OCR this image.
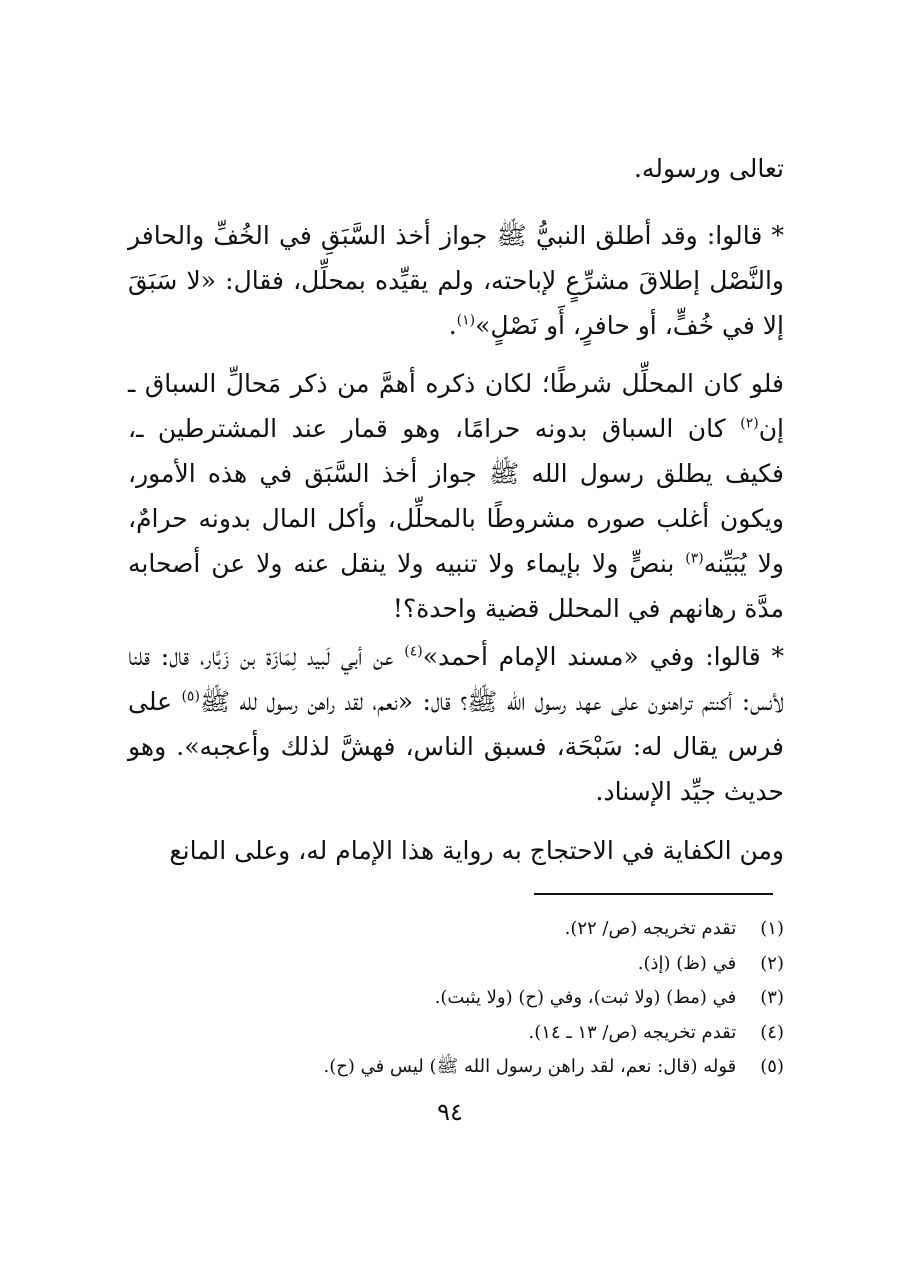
تعالى ورسوله.

* قالوا: وقد أطلق النبيُّ ﷺ جواز أخذ السَّبَقِ في الخُفِّ والحافر والنَّصْل إطلاقَ مشرِّعٍ لإباحته، ولم يقيِّده بمحلِّل، فقال: «لا سَبَقَ إلا في خُفٍّ، أو حافرٍ، أَو نَصْلٍ»$^{(١)}$.

فلو كان المحلِّل شرطًا؛ لكان ذكره أهمَّ من ذكر مَحالِّ السباق ـ إن$^{(٢)}$ كان السباق بدونه حرامًا، وهو قمار عند المشترطين ـ، فكيف يطلق رسول الله ﷺ جواز أخذ السَّبَق في هذه الأمور، ويكون أغلب صوره مشروطًا بالمحلِّل، وأكل المال بدونه حرامٌ، ولا يُبَيِّنه$^{(٣)}$ بنصٍّ ولا بإيماء ولا تنبيه ولا ينقل عنه ولا عن أصحابه مدَّة رهانهم في المحلل قضية واحدة؟!

* قالوا: وفي «مسند الإمام أحمد»$^{(٤)}$ عن أبي لَبيد لِمَازَة بن زَبَّار، قال: قلنا لأنس: أكنتم تراهنون على عهد رسول الله ﷺ؟ قال: «نعم، لقد راهن رسول لله ﷺ$^{(٥)}$ على فرس يقال له: سَبْحَة، فسبق الناس، فهشَّ لذلك وأعجبه». وهو حديث جيِّد الإسناد.

ومن الكفاية في الاحتجاج به رواية هذا الإمام له، وعلى المانع

(١) تقدم تخريجه (ص/ ٢٢).
(٢) في (ظ) (إذ).
(٣) في (مط) (ولا ثبت)، وفي (ح) (ولا يثبت).
(٤) تقدم تخريجه (ص/ ١٣ ـ ١٤).
(٥) قوله (قال: نعم، لقد راهن رسول الله ﷺ) ليس في (ح).
٩٤
